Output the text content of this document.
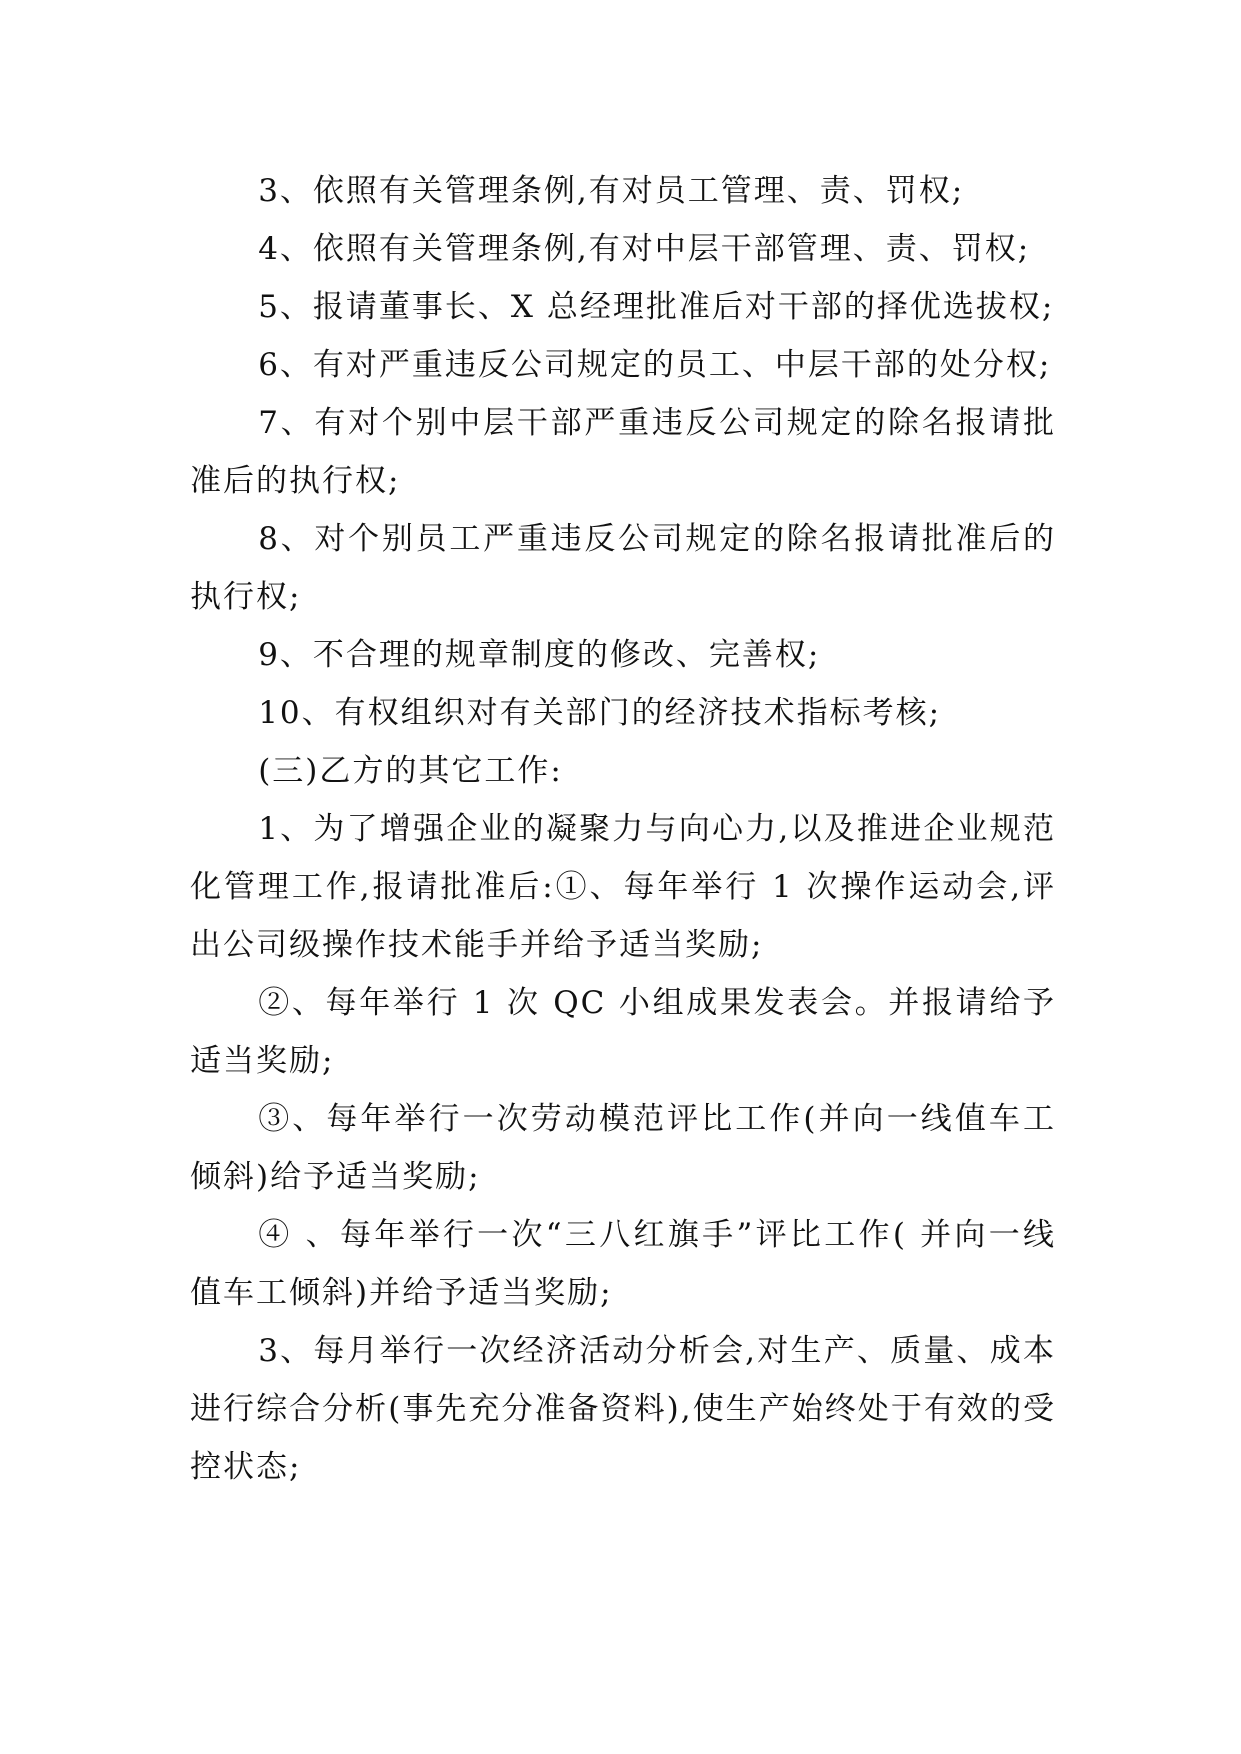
3、依照有关管理条例,有对员工管理、责、罚权;

4、依照有关管理条例,有对中层干部管理、责、罚权;

5、报请董事长、X 总经理批准后对干部的择优选拔权;

6、有对严重违反公司规定的员工、中层干部的处分权;

7、有对个别中层干部严重违反公司规定的除名报请批准后的执行权;

8、对个别员工严重违反公司规定的除名报请批准后的执行权;

9、不合理的规章制度的修改、完善权;

10、有权组织对有关部门的经济技术指标考核;

(三)乙方的其它工作:

1、为了增强企业的凝聚力与向心力,以及推进企业规范化管理工作,报请批准后:①、每年举行 1 次操作运动会,评出公司级操作技术能手并给予适当奖励;

②、每年举行 1 次 QC 小组成果发表会。并报请给予适当奖励;

③、每年举行一次劳动模范评比工作(并向一线值车工倾斜)给予适当奖励;

④ 、每年举行一次“三八红旗手”评比工作( 并向一线值车工倾斜)并给予适当奖励;

3、每月举行一次经济活动分析会,对生产、质量、成本进行综合分析(事先充分准备资料),使生产始终处于有效的受控状态;
